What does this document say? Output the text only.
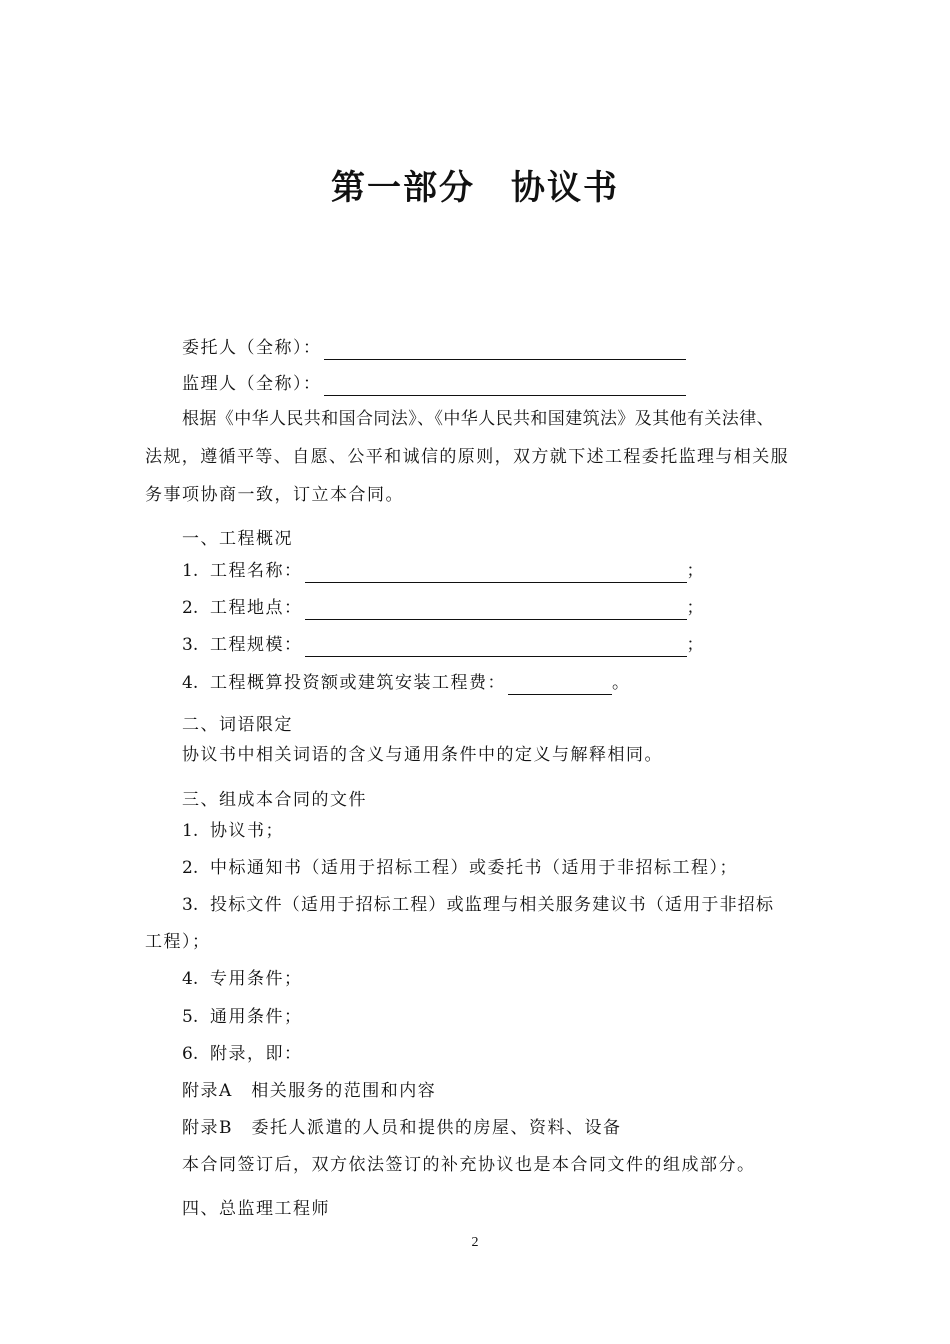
第一部分　协议书
委托人（全称）：
监理人（全称）：
根据《中华人民共和国合同法》、《中华人民共和国建筑法》及其他有关法律、
法规，遵循平等、自愿、公平和诚信的原则，双方就下述工程委托监理与相关服
务事项协商一致，订立本合同。
一、工程概况
1. 工程名称：	；
2. 工程地点：	；
3. 工程规模：	；
4. 工程概算投资额或建筑安装工程费：	。
二、词语限定
协议书中相关词语的含义与通用条件中的定义与解释相同。
三、组成本合同的文件
1. 协议书；
2. 中标通知书（适用于招标工程）或委托书（适用于非招标工程）；
3. 投标文件（适用于招标工程）或监理与相关服务建议书（适用于非招标
工程）；
4. 专用条件；
5. 通用条件；
6. 附录，即：
附录A　相关服务的范围和内容
附录B　委托人派遣的人员和提供的房屋、资料、设备
本合同签订后，双方依法签订的补充协议也是本合同文件的组成部分。
四、总监理工程师
2
